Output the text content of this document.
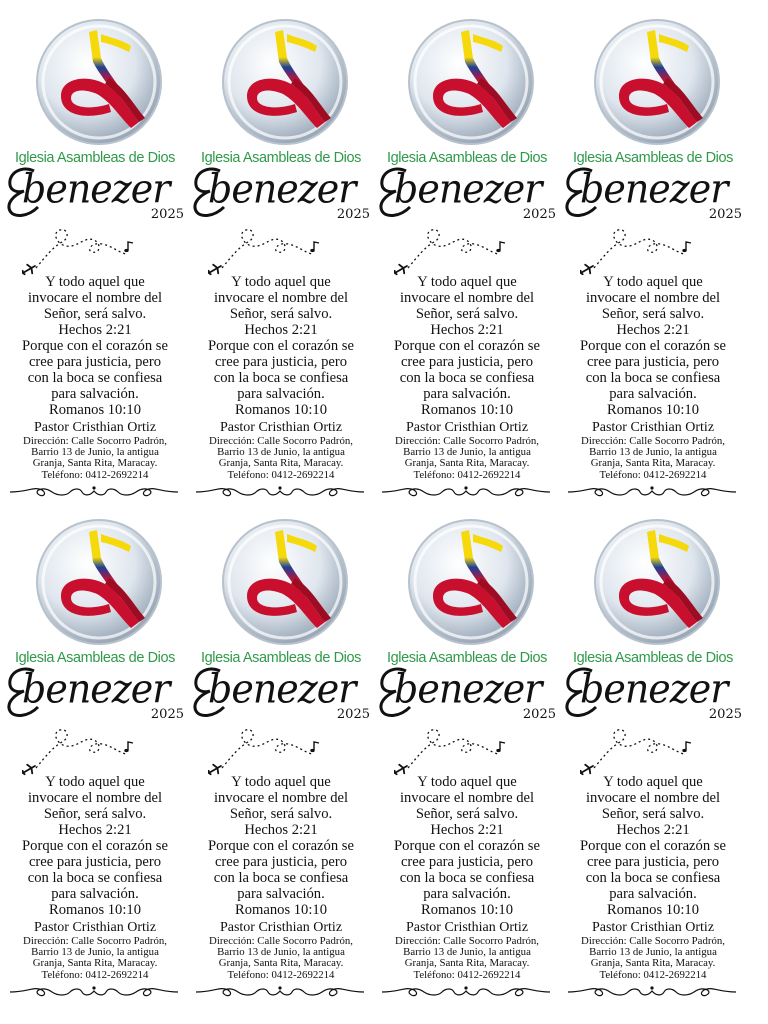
Iglesia Asambleas de Dios
benezer
2025
Y todo aquel que
invocare el nombre del
Señor, será salvo.
Hechos 2:21
Porque con el corazón se
cree para justicia, pero
con la boca se confiesa
para salvación.
Romanos 10:10
Pastor Cristhian Ortiz
Dirección: Calle Socorro Padrón,
Barrio 13 de Junio, la antigua
Granja, Santa Rita, Maracay.
Teléfono: 0412-2692214
Iglesia Asambleas de Dios
benezer
2025
Y todo aquel que
invocare el nombre del
Señor, será salvo.
Hechos 2:21
Porque con el corazón se
cree para justicia, pero
con la boca se confiesa
para salvación.
Romanos 10:10
Pastor Cristhian Ortiz
Dirección: Calle Socorro Padrón,
Barrio 13 de Junio, la antigua
Granja, Santa Rita, Maracay.
Teléfono: 0412-2692214
Iglesia Asambleas de Dios
benezer
2025
Y todo aquel que
invocare el nombre del
Señor, será salvo.
Hechos 2:21
Porque con el corazón se
cree para justicia, pero
con la boca se confiesa
para salvación.
Romanos 10:10
Pastor Cristhian Ortiz
Dirección: Calle Socorro Padrón,
Barrio 13 de Junio, la antigua
Granja, Santa Rita, Maracay.
Teléfono: 0412-2692214
Iglesia Asambleas de Dios
benezer
2025
Y todo aquel que
invocare el nombre del
Señor, será salvo.
Hechos 2:21
Porque con el corazón se
cree para justicia, pero
con la boca se confiesa
para salvación.
Romanos 10:10
Pastor Cristhian Ortiz
Dirección: Calle Socorro Padrón,
Barrio 13 de Junio, la antigua
Granja, Santa Rita, Maracay.
Teléfono: 0412-2692214
Iglesia Asambleas de Dios
benezer
2025
Y todo aquel que
invocare el nombre del
Señor, será salvo.
Hechos 2:21
Porque con el corazón se
cree para justicia, pero
con la boca se confiesa
para salvación.
Romanos 10:10
Pastor Cristhian Ortiz
Dirección: Calle Socorro Padrón,
Barrio 13 de Junio, la antigua
Granja, Santa Rita, Maracay.
Teléfono: 0412-2692214
Iglesia Asambleas de Dios
benezer
2025
Y todo aquel que
invocare el nombre del
Señor, será salvo.
Hechos 2:21
Porque con el corazón se
cree para justicia, pero
con la boca se confiesa
para salvación.
Romanos 10:10
Pastor Cristhian Ortiz
Dirección: Calle Socorro Padrón,
Barrio 13 de Junio, la antigua
Granja, Santa Rita, Maracay.
Teléfono: 0412-2692214
Iglesia Asambleas de Dios
benezer
2025
Y todo aquel que
invocare el nombre del
Señor, será salvo.
Hechos 2:21
Porque con el corazón se
cree para justicia, pero
con la boca se confiesa
para salvación.
Romanos 10:10
Pastor Cristhian Ortiz
Dirección: Calle Socorro Padrón,
Barrio 13 de Junio, la antigua
Granja, Santa Rita, Maracay.
Teléfono: 0412-2692214
Iglesia Asambleas de Dios
benezer
2025
Y todo aquel que
invocare el nombre del
Señor, será salvo.
Hechos 2:21
Porque con el corazón se
cree para justicia, pero
con la boca se confiesa
para salvación.
Romanos 10:10
Pastor Cristhian Ortiz
Dirección: Calle Socorro Padrón,
Barrio 13 de Junio, la antigua
Granja, Santa Rita, Maracay.
Teléfono: 0412-2692214
